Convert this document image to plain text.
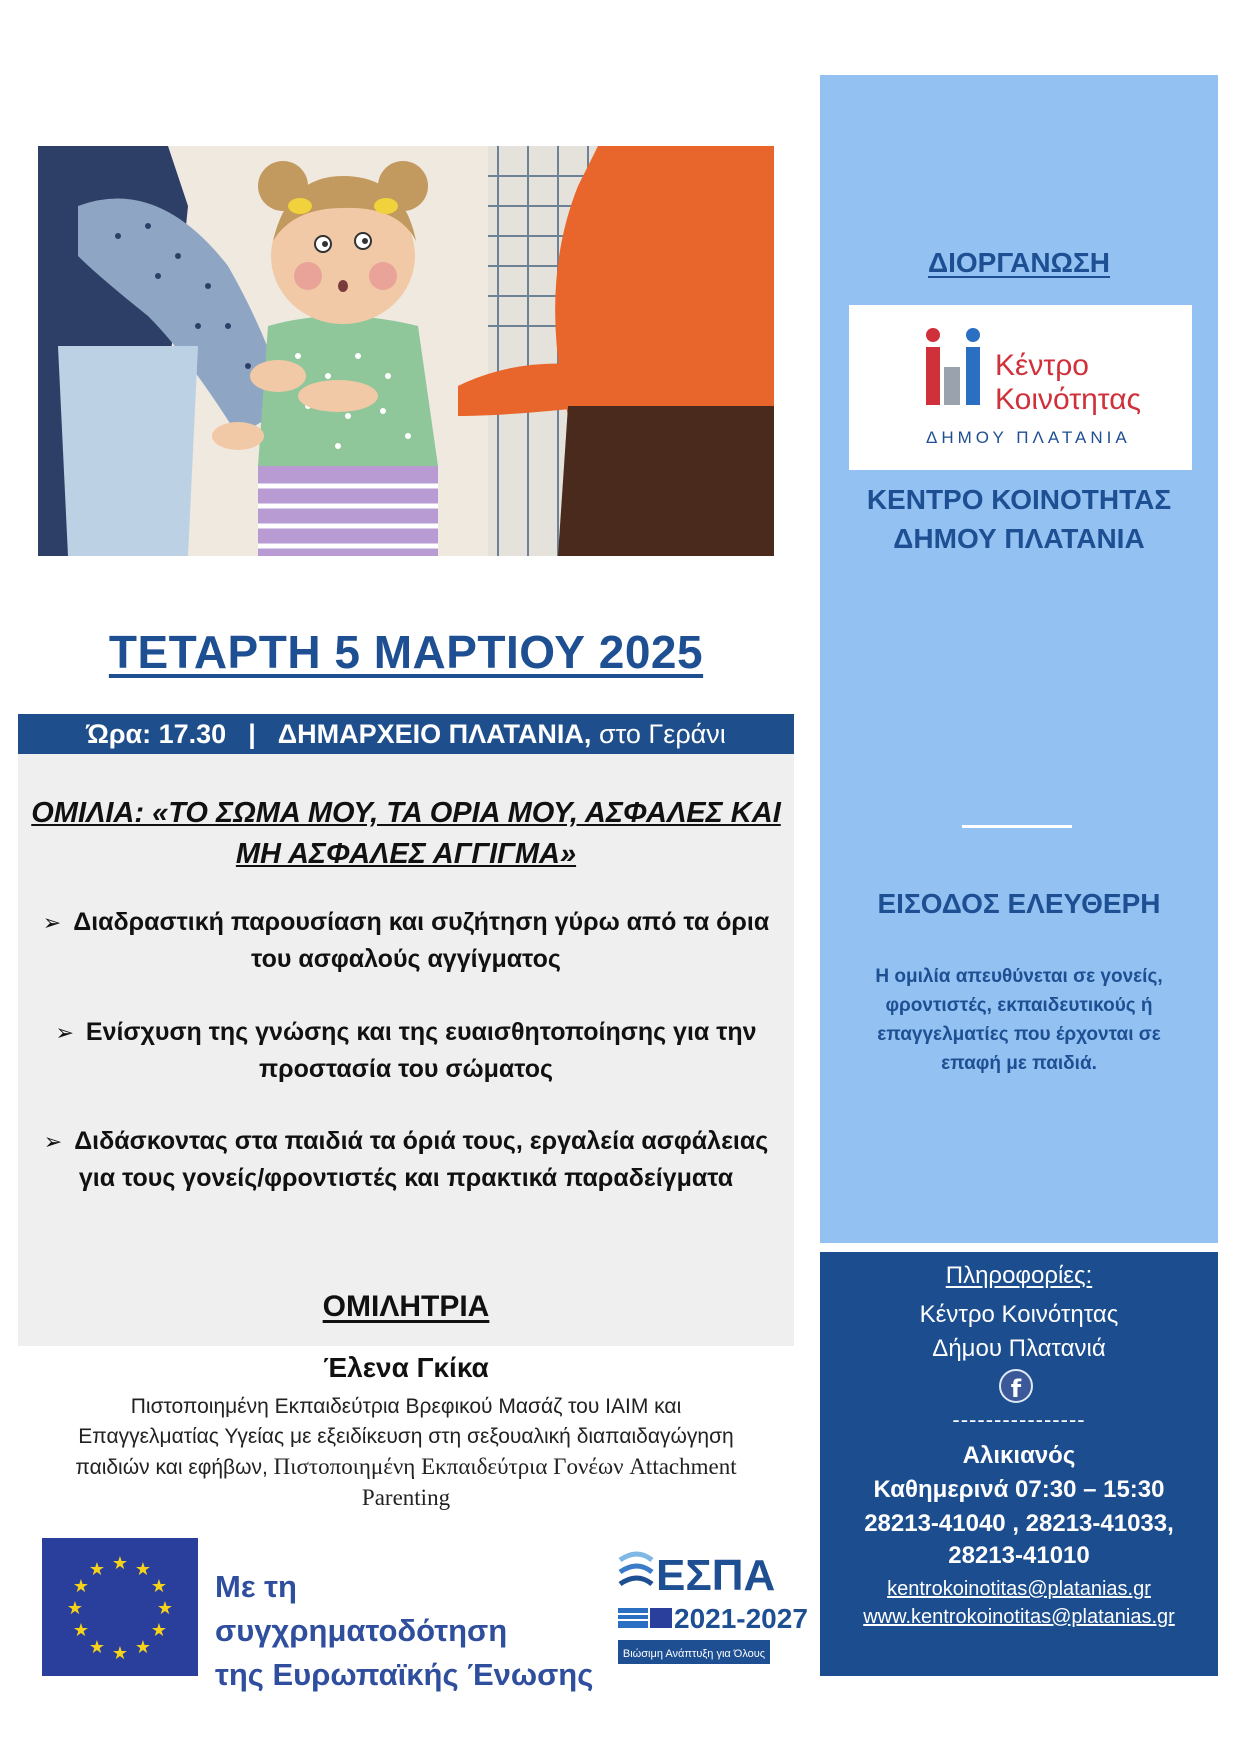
ΤΕΤΑΡΤΗ 5 ΜΑΡΤΙΟΥ 2025
Ώρα: 17.30 | ΔΗΜΑΡΧΕΙΟ ΠΛΑΤΑΝΙΑ,
στο Γεράνι
ΟΜΙΛΙΑ: «ΤΟ ΣΩΜΑ ΜΟΥ, ΤΑ ΟΡΙΑ ΜΟΥ, ΑΣΦΑΛΕΣ ΚΑΙ
ΜΗ ΑΣΦΑΛΕΣ ΑΓΓΙΓΜΑ»
➢ Διαδραστική παρουσίαση και συζήτηση γύρω από τα όρια
του ασφαλούς αγγίγματος
➢ Ενίσχυση της γνώσης και της ευαισθητοποίησης για την
προστασία του σώματος
➢ Διδάσκοντας στα παιδιά τα όριά τους, εργαλεία ασφάλειας
για τους γονείς/φροντιστές και πρακτικά παραδείγματα
ΟΜΙΛΗΤΡΙΑ
Έλενα Γκίκα
Πιστοποιημένη Εκπαιδεύτρια Βρεφικού Μασάζ του IAIM και
Επαγγελματίας Υγείας με εξειδίκευση στη σεξουαλική διαπαιδαγώγηση
παιδιών και εφήβων, Πιστοποιημένη Εκπαιδεύτρια Γονέων Attachment
Parenting
★ ★
★
★
★
★
★
★
★
★
★
★	Με τη συγχρηματοδότηση
της Ευρωπαϊκής Ένωσης
ΕΣΠΑ
2021-2027
Βιώσιμη Ανάπτυξη για Όλους
ΔΙΟΡΓΑΝΩΣΗ
Κέντρο
Κοινότητας
ΔΗΜΟΥ ΠΛΑΤΑΝΙΑ
ΚΕΝΤΡΟ ΚΟΙΝΟΤΗΤΑΣ
ΔΗΜΟΥ ΠΛΑΤΑΝΙΑ
ΕΙΣΟΔΟΣ ΕΛΕΥΘΕΡΗ
Η ομιλία απευθύνεται σε γονείς,
φροντιστές, εκπαιδευτικούς ή
επαγγελματίες που έρχονται σε
επαφή με παιδιά.
Πληροφορίες:
Κέντρο Κοινότητας
Δήμου Πλατανιά
f
----------------
Αλικιανός
Καθημερινά 07:30 – 15:30
28213-41040 , 28213-41033,
28213-41010
kentrokoinotitas@platanias.gr
www.kentrokoinotitas@platanias.gr
